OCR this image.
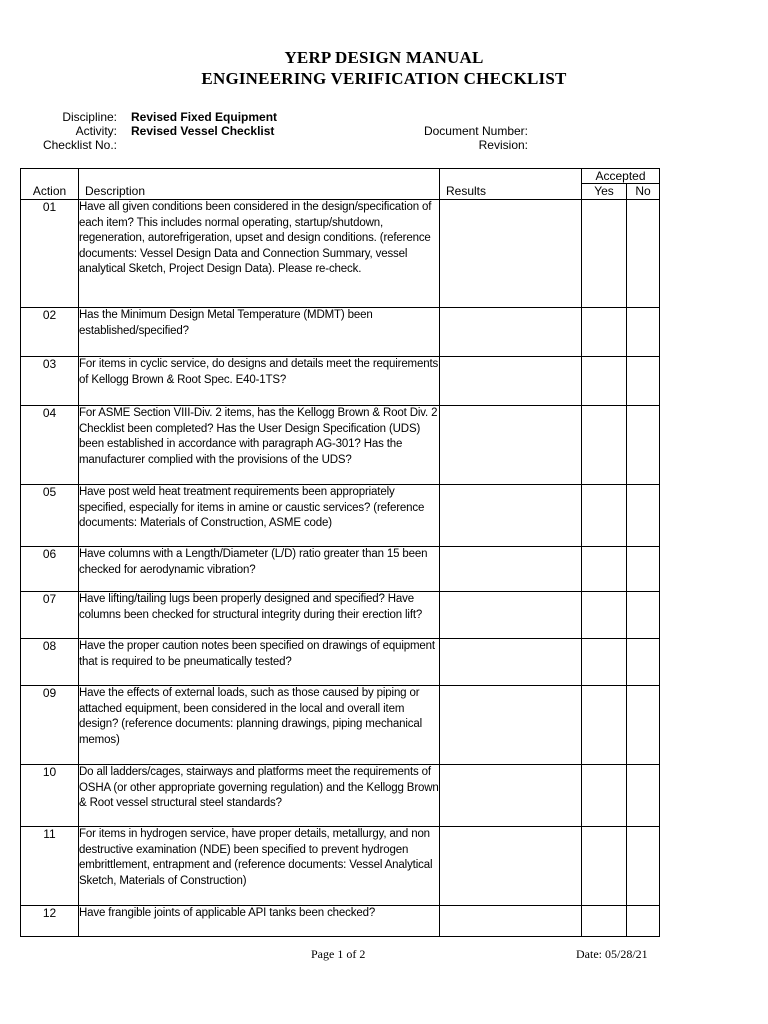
YERP DESIGN MANUAL
ENGINEERING VERIFICATION CHECKLIST
Discipline: Revised Fixed Equipment
Activity: Revised Vessel Checklist
Checklist No.:
Document Number:
Revision:
			Accepted	
Action	Description	Results	Yes	No
01	Have all given conditions been considered in the design/specification of each item? This includes normal operating, startup/shutdown, regeneration, autorefrigeration, upset and design conditions. (reference documents: Vessel Design Data and Connection Summary, vessel analytical Sketch, Project Design Data). Please re-check.			
02	Has the Minimum Design Metal Temperature (MDMT) been established/specified?			
03	For items in cyclic service, do designs and details meet the requirements of Kellogg Brown & Root Spec. E40-1TS?			
04	For ASME Section VIII-Div. 2 items, has the Kellogg Brown & Root Div. 2 Checklist been completed? Has the User Design Specification (UDS) been established in accordance with paragraph AG-301? Has the manufacturer complied with the provisions of the UDS?			
05	Have post weld heat treatment requirements been appropriately specified, especially for items in amine or caustic services? (reference documents: Materials of Construction, ASME code)			
06	Have columns with a Length/Diameter (L/D) ratio greater than 15 been checked for aerodynamic vibration?			
07	Have lifting/tailing lugs been properly designed and specified? Have columns been checked for structural integrity during their erection lift?			
08	Have the proper caution notes been specified on drawings of equipment that is required to be pneumatically tested?			
09	Have the effects of external loads, such as those caused by piping or attached equipment, been considered in the local and overall item design? (reference documents: planning drawings, piping mechanical memos)			
10	Do all ladders/cages, stairways and platforms meet the requirements of OSHA (or other appropriate governing regulation) and the Kellogg Brown & Root vessel structural steel standards?			
11	For items in hydrogen service, have proper details, metallurgy, and non destructive examination (NDE) been specified to prevent hydrogen embrittlement, entrapment and (reference documents: Vessel Analytical Sketch, Materials of Construction)			
12	Have frangible joints of applicable API tanks been checked?			
Page 1 of 2	Date: 05/28/21
